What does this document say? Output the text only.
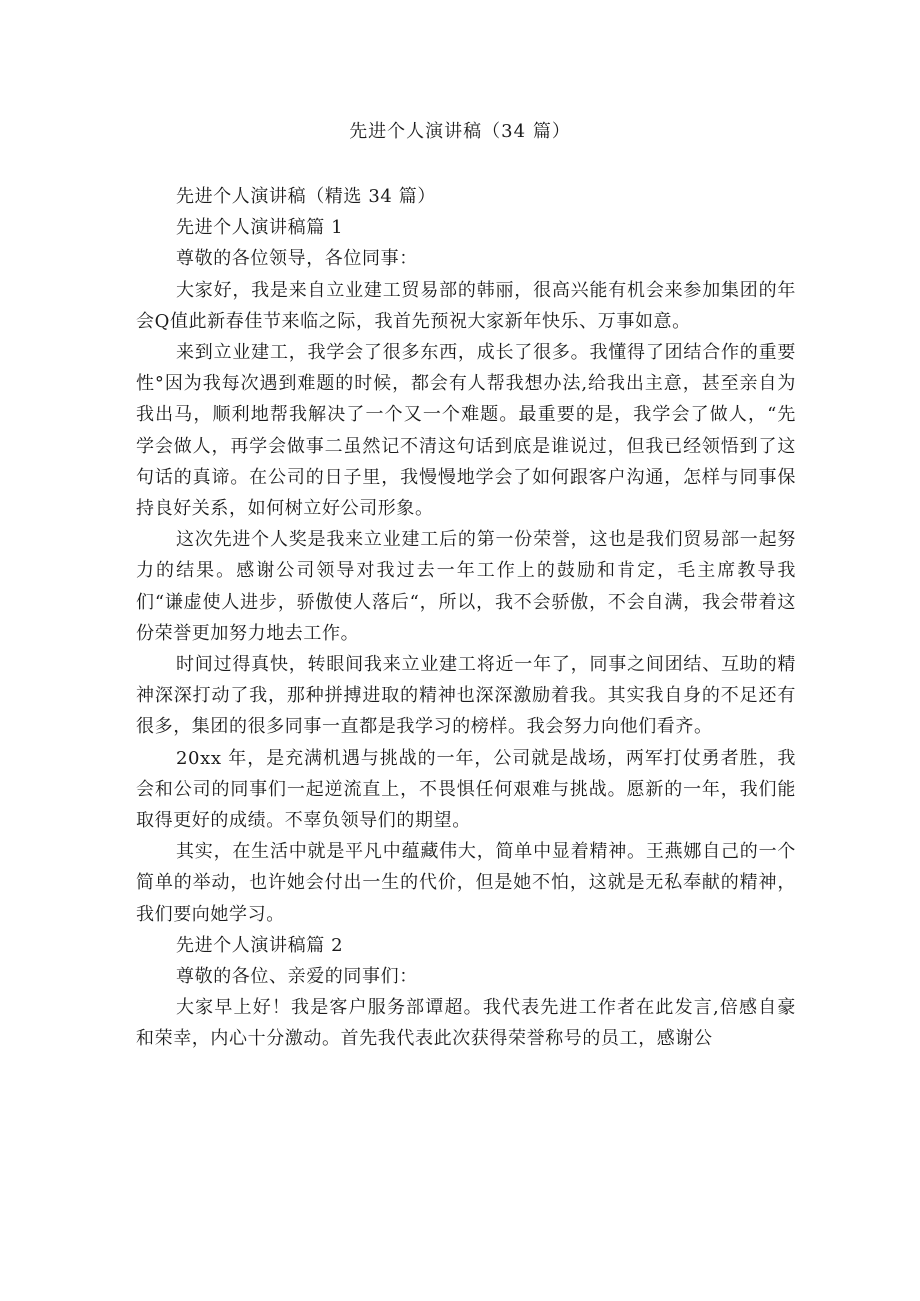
先进个人演讲稿（34 篇）

先进个人演讲稿（精选 34 篇）

先进个人演讲稿篇 1

尊敬的各位领导，各位同事：

大家好，我是来自立业建工贸易部的韩丽，很高兴能有机会来参加集团的年会Q值此新春佳节来临之际，我首先预祝大家新年快乐、万事如意。

来到立业建工，我学会了很多东西，成长了很多。我懂得了团结合作的重要性°因为我每次遇到难题的时候，都会有人帮我想办法,给我出主意，甚至亲自为我出马，顺利地帮我解决了一个又一个难题。最重要的是，我学会了做人，“先学会做人，再学会做事二虽然记不清这句话到底是谁说过，但我已经领悟到了这句话的真谛。在公司的日子里，我慢慢地学会了如何跟客户沟通，怎样与同事保持良好关系，如何树立好公司形象。

这次先进个人奖是我来立业建工后的第一份荣誉，这也是我们贸易部一起努力的结果。感谢公司领导对我过去一年工作上的鼓励和肯定，毛主席教导我们“谦虚使人进步，骄傲使人落后“，所以，我不会骄傲，不会自满，我会带着这份荣誉更加努力地去工作。

时间过得真快，转眼间我来立业建工将近一年了，同事之间团结、互助的精神深深打动了我，那种拼搏进取的精神也深深激励着我。其实我自身的不足还有很多，集团的很多同事一直都是我学习的榜样。我会努力向他们看齐。

20xx 年，是充满机遇与挑战的一年，公司就是战场，两军打仗勇者胜，我会和公司的同事们一起逆流直上，不畏惧任何艰难与挑战。愿新的一年，我们能取得更好的成绩。不辜负领导们的期望。

其实，在生活中就是平凡中蕴藏伟大，简单中显着精神。王燕娜自己的一个简单的举动，也许她会付出一生的代价，但是她不怕，这就是无私奉献的精神，我们要向她学习。

先进个人演讲稿篇 2

尊敬的各位、亲爱的同事们：

大家早上好！我是客户服务部谭超。我代表先进工作者在此发言,倍感自豪和荣幸，内心十分激动。首先我代表此次获得荣誉称号的员工，感谢公
